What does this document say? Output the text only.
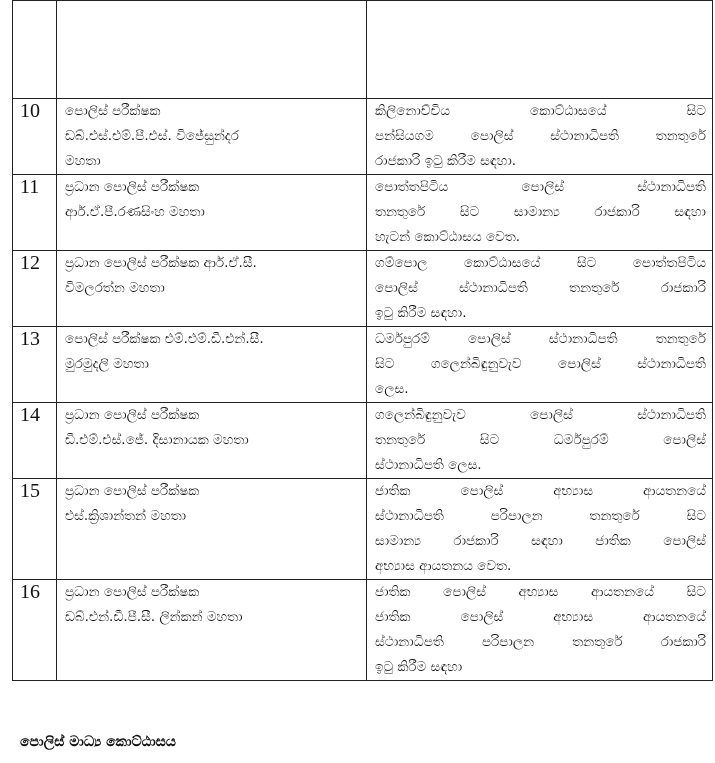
10	පොලිස් පරීක්ෂක
ඩබ්.එස්.එම්.පී.එස්. විජේසුන්දර
මහතා	කිලිනොච්චිය කොට්ඨාසයේ සිට
පන්සියගම පොලිස් ස්ථානාධිපති තනතුරේ
රාජකාරි ඉටු කිරීම සඳහා.

11	ප්‍රධාන පොලිස් පරීක්ෂක
ආර්.ඒ.පී.රණසිංහ මහතා	පොත්තපිටිය පොලිස් ස්ථානාධිපති
තනතුරේ සිට සාමාන්‍ය රාජකාරි සඳහා
හැටන් කොට්ඨාසය වෙත.

12	ප්‍රධාන පොලිස් පරීක්ෂක ආර්.ඒ.සී.
විමලරත්න මහතා	ගම්පොල කොට්ඨාසයේ සිට පොත්තපිටිය
පොලිස් ස්ථානාධිපති තනතුරේ රාජකාරි
ඉටු කිරීම සඳහා.

13	පොලිස් පරීක්ෂක එම්.එම්.ඩී.එන්.සී.
මුරමුදලි මහතා	ධර්මපුරම් පොලිස් ස්ථානාධිපති තනතුරේ
සිට ගලෙන්බිඳුනුවැව පොලිස් ස්ථානාධිපති
ලෙස.

14	ප්‍රධාන පොලිස් පරීක්ෂක
ඩී.එම්.එස්.ජේ. දිසානායක මහතා	ගලෙන්බිඳුනුවැව පොලිස් ස්ථානාධිපති
තනතුරේ සිට ධර්මපුරම් පොලිස්
ස්ථානාධිපති ලෙස.

15	ප්‍රධාන පොලිස් පරීක්ෂක
එස්.ක්‍රිශාන්තන් මහතා	ජාතික පොලිස් අභ්‍යාස ආයතනයේ
ස්ථානාධිපති පරිපාලන තනතුරේ සිට
සාමාන්‍ය රාජකාරි සඳහා ජාතික පොලිස්
අභ්‍යාස ආයතනය වෙත.

16	ප්‍රධාන පොලිස් පරීක්ෂක
ඩබ්.එන්.ඩී.පී.සී. ලින්කන් මහතා	ජාතික පොලිස් අභ්‍යාස ආයතනයේ සිට
ජාතික පොලිස් අභ්‍යාස ආයතනයේ
ස්ථානාධිපති පරිපාලන තනතුරේ රාජකාරි
ඉටු කිරීම සඳහා
පොලිස් මාධ්‍ය කොට්ඨාසය
